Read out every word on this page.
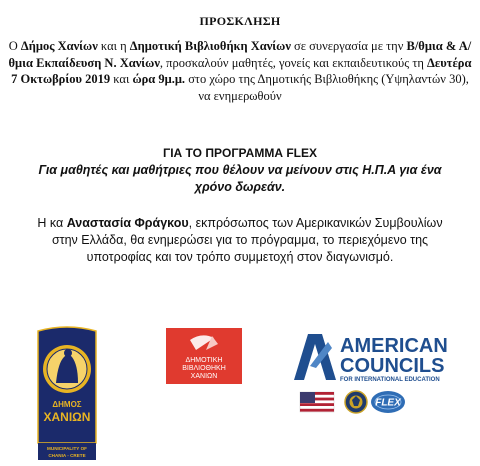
ΠΡΟΣΚΛΗΣΗ
Ο Δήμος Χανίων και η Δημοτική Βιβλιοθήκη Χανίων σε συνεργασία με την Β/θμια & Α/θμια Εκπαίδευση Ν. Χανίων, προσκαλούν μαθητές, γονείς και εκπαιδευτικούς τη Δευτέρα 7 Οκτωβρίου 2019 και ώρα 9μ.μ. στο χώρο της Δημοτικής Βιβλιοθήκης (Υψηλαντών 30), να ενημερωθούν
ΓΙΑ ΤΟ ΠΡΟΓΡΑΜΜΑ FLEX
Για μαθητές και μαθήτριες που θέλουν να μείνουν στις Η.Π.Α για ένα χρόνο δωρεάν.
Η κα Αναστασία Φράγκου, εκπρόσωπος των Αμερικανικών Συμβουλίων στην Ελλάδα, θα ενημερώσει για το πρόγραμμα, το περιεχόμενο της υποτροφίας και τον τρόπο συμμετοχή στον διαγωνισμό.
ΔΗΜΟΣ
ΧΑΝΙΩΝ
MUNICIPALITY OF
CHANIA - CRETE
ΔΗΜΟΤΙΚΗ
ΒΙΒΛΙΟΘΗΚΗ
ΧΑΝΙΩΝ
AMERICAN
COUNCILS
FOR INTERNATIONAL EDUCATION
FLEX
